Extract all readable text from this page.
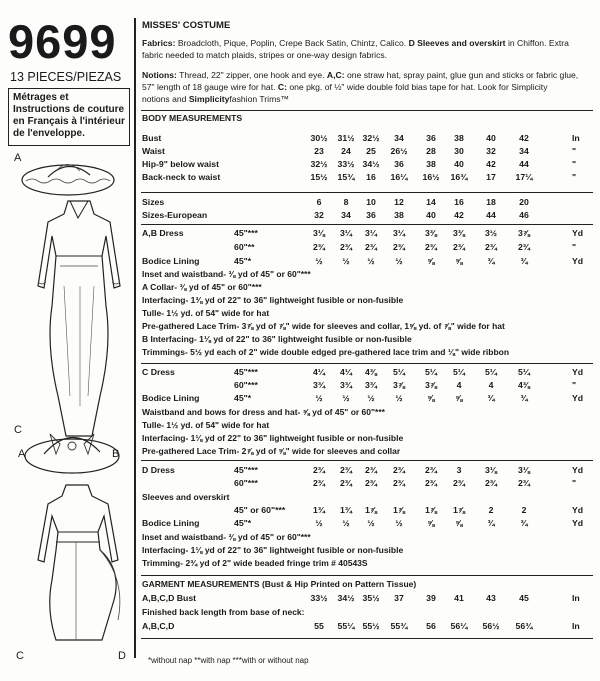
9699
13 PIECES/PIEZAS
Métrages et Instructions de couture en Français à l'intérieur de l'enveloppe.
A
A	B
C
C	D
MISSES' COSTUME
Fabrics: Broadcloth, Pique, Poplin, Crepe Back Satin, Chintz, Calico. D Sleeves and overskirt in Chiffon. Extra
fabric needed to match plaids, stripes or one-way design fabrics.
Notions: Thread, 22" zipper, one hook and eye. A,C: one straw hat, spray paint, glue gun and sticks or fabric glue,
57" length of 18 gauge wire for hat. C: one pkg. of ½" wide double fold bias tape for hat. Look for Simplicity
notions and Simplicityfashion Trims™
BODY MEASUREMENTS
Bust	30½	31½ 32½	34	36	38	40	42	In
Waist	23	24	25	26½	28	30	32	34	"
Hip-9" below waist	32½	33½ 34½	36	38	40	42	44	"
Back-neck to waist	15½	15¾	16	16¼	16½	16¾	17	17¼	"
Sizes	6	8	10	12	14	16	18	20
Sizes-European	32	34	36	38	40	42	44	46
A,B Dress	45"***	3⅛	3¼	3¼	3¼	3⅜	3⅜	3½	3⅞	Yd
60"**	2¾	2¾	2¾	2¾	2¾	2¾	2¾	2¾	"
Bodice Lining	45"*	½	½	½	½	⅝	⅝	¾	¾	Yd
Inset and waistband- ⅜ yd of 45" or 60"***
A Collar- ⅜ yd of 45" or 60"***
Interfacing- 1⅜ yd of 22" to 36" lightweight fusible or non-fusible
Tulle- 1½ yd. of 54" wide for hat
Pre-gathered Lace Trim- 3⅞ yd of ⅞" wide for sleeves and collar, 1⅝ yd. of ⅞" wide for hat
B Interfacing- 1⅛ yd of 22" to 36" lightweight fusible or non-fusible
Trimmings- 5½ yd each of 2" wide double edged pre-gathered lace trim and ⅛" wide ribbon
C Dress	45"***	4¼	4¼	4⅜	5¼	5¼	5¼	5¼	5¼	Yd
60"***	3¾	3¾	3¾	3⅞	3⅞	4	4	4⅜	"
Bodice Lining	45"*	½	½	½	½	⅝	⅝	¾	¾	Yd
Waistband and bows for dress and hat- ⅝ yd of 45" or 60"***
Tulle- 1½ yd. of 54" wide for hat
Interfacing- 1⅛ yd of 22" to 36" lightweight fusible or non-fusible
Pre-gathered Lace Trim- 2⅞ yd of ⅝" wide for sleeves and collar
D Dress	45"***	2¾	2¾	2¾	2¾	2¾	3	3⅛	3⅛	Yd
60"***	2¾	2¾	2¾	2¾	2¾	2¾	2¾	2¾	"
Sleeves and overskirt
45" or 60"***	1¾	1¾	1⅞	1⅞	1⅞	1⅞	2	2	Yd
Bodice Lining	45"*	½	½	½	½	⅝	⅝	¾	¾	Yd
Inset and waistband- ⅜ yd of 45" or 60"***
Interfacing- 1⅛ yd of 22" to 36" lightweight fusible or non-fusible
Trimming- 2¾ yd of 2" wide beaded fringe trim # 40543S
GARMENT MEASUREMENTS (Bust & Hip Printed on Pattern Tissue)
A,B,C,D Bust	33½	34½ 35½	37	39	41	43	45	In
Finished back length from base of neck:
A,B,C,D	55	55¼ 55½	55¾	56	56¼	56½	56¾	In
*without nap **with nap ***with or without nap
